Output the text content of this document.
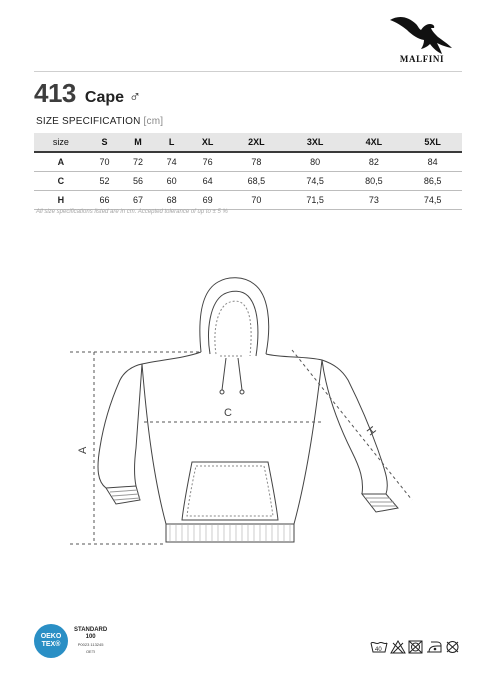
MALFINI
413 Cape ♂
SIZE SPECIFICATION [cm]
size	S	M	L	XL	2XL	3XL	4XL	5XL
A	70	72	74	76	78	80	82	84
C	52	56	60	64	68,5	74,5	80,5	86,5
H	66	67	68	69	70	71,5	73	74,5
All size specifications listed are in cm. Accepted tolerance of up to ± 5 %
A
C
H
OEKO
TEX®
STANDARD
100
P0023 113245
OETI	40
